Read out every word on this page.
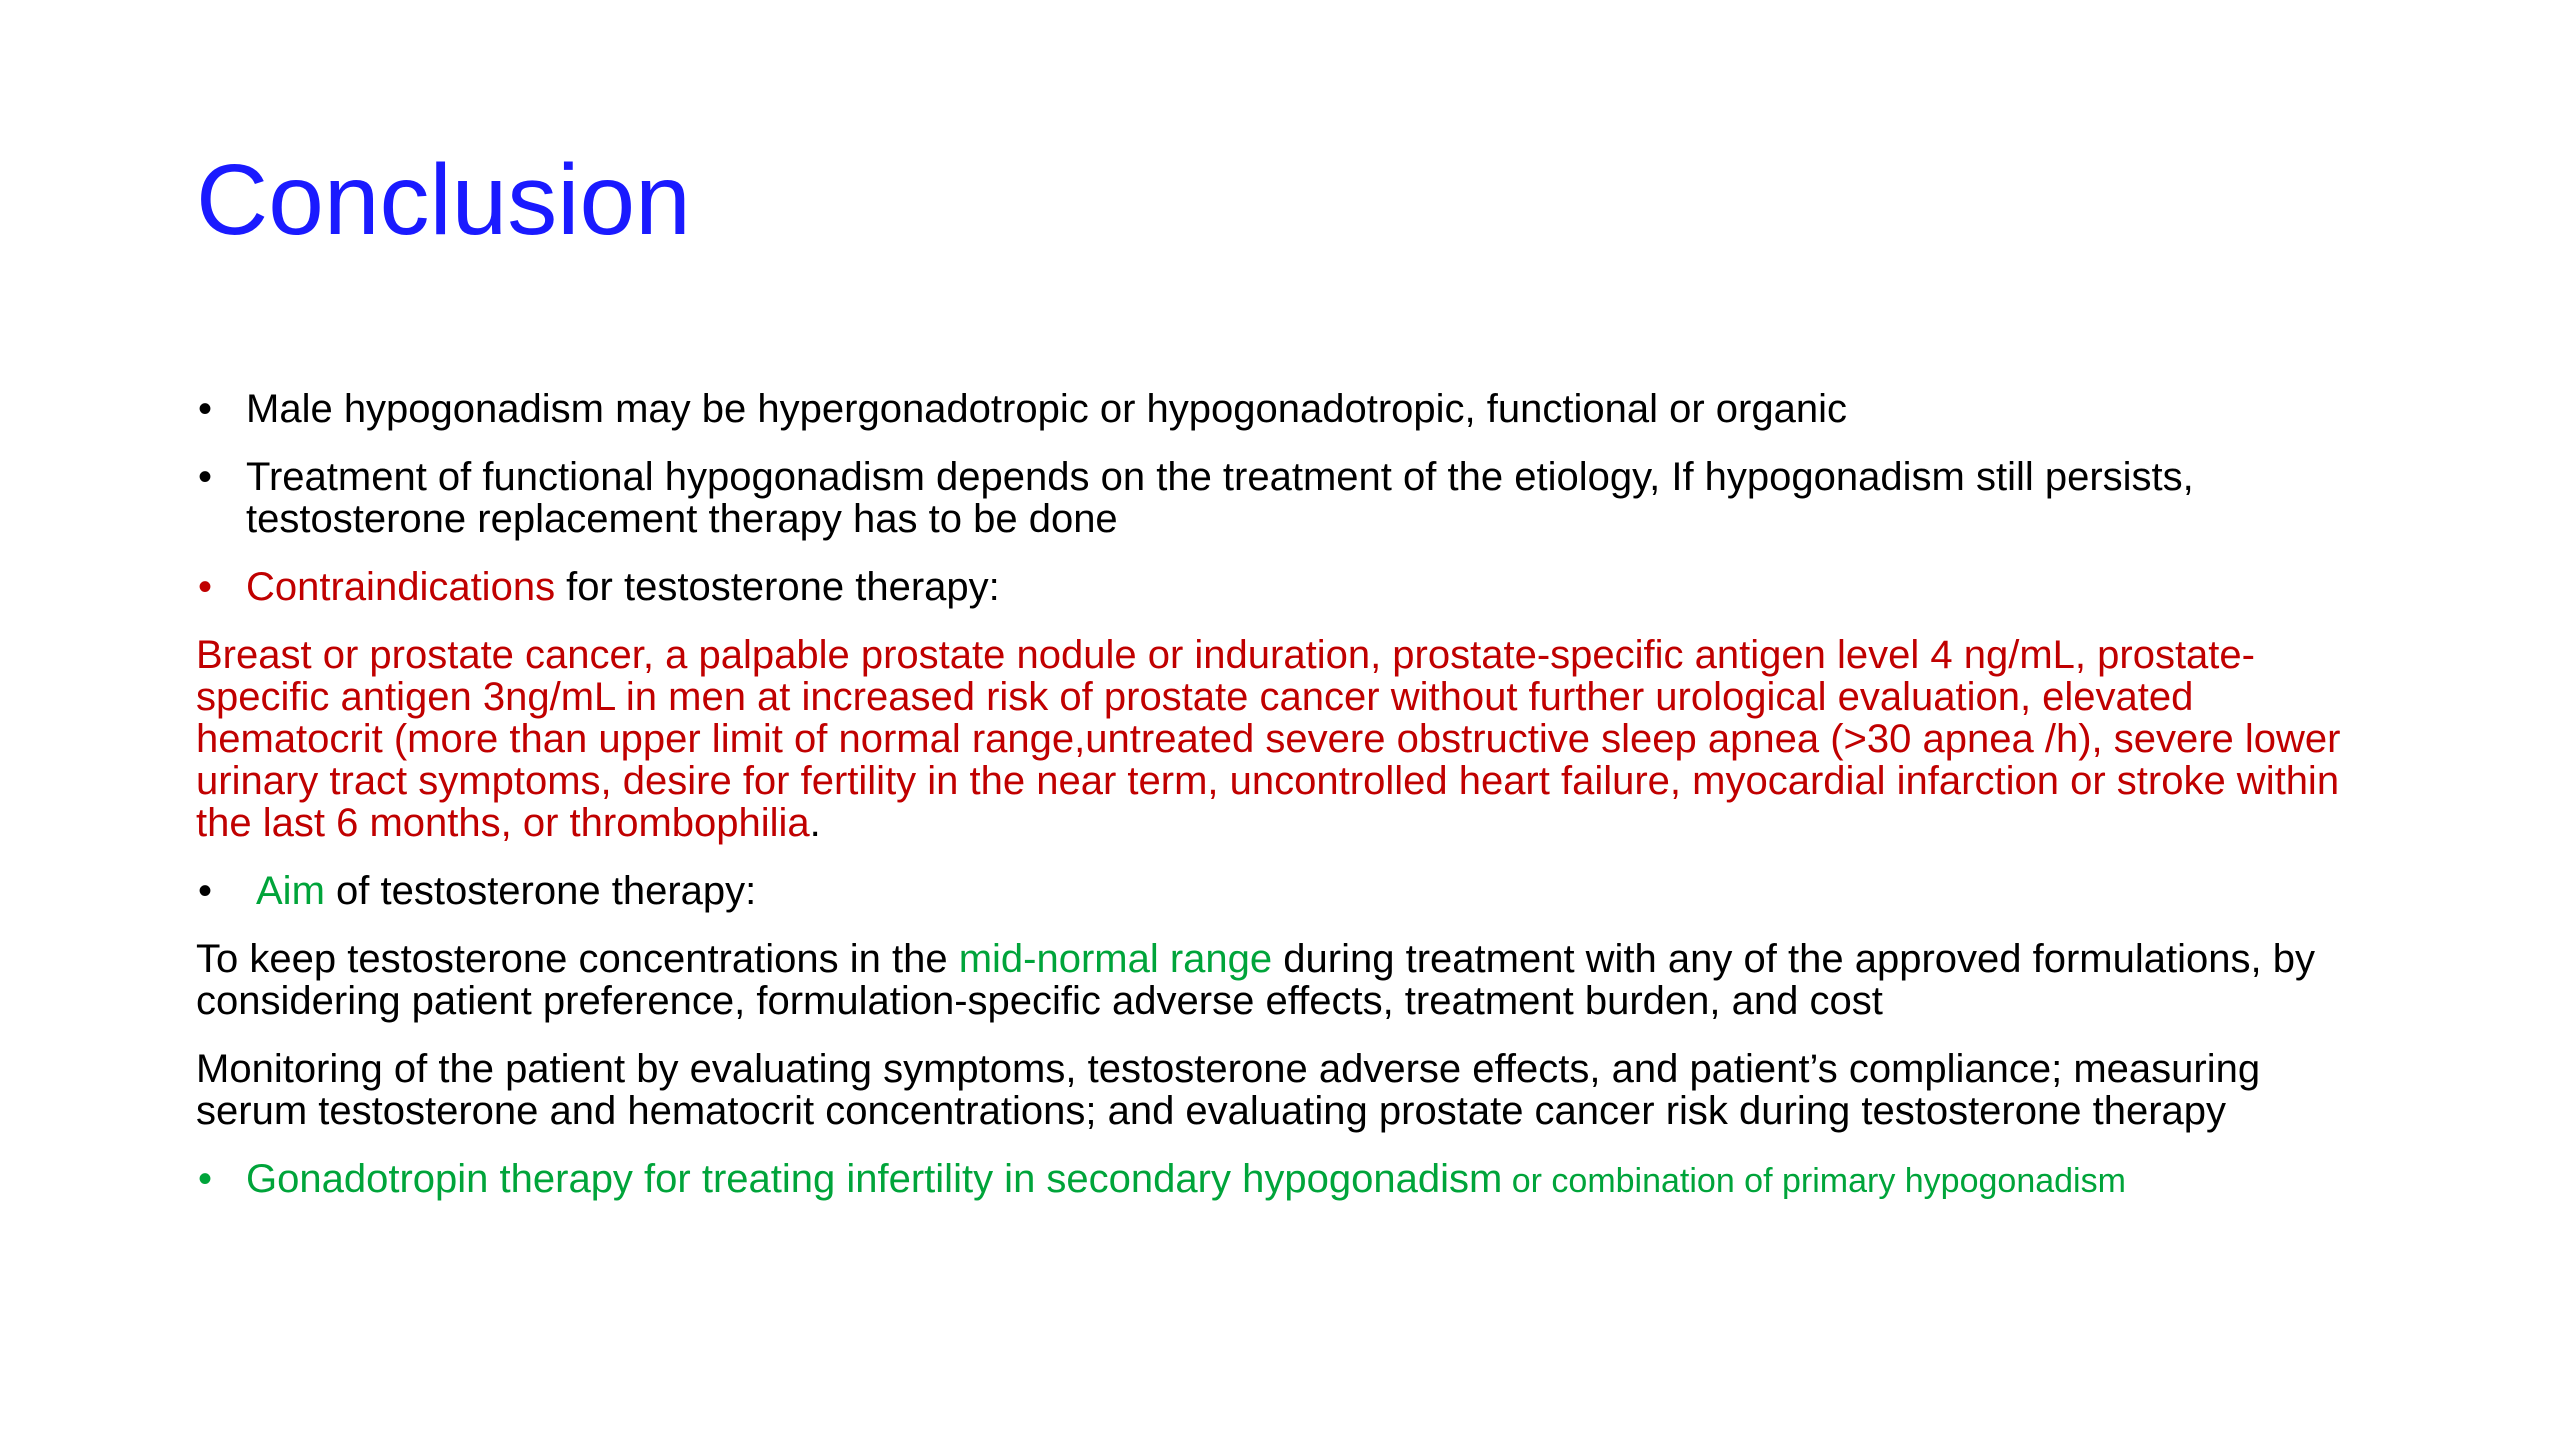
Conclusion
• Male hypogonadism may be hypergonadotropic or hypogonadotropic, functional or organic
• Treatment of functional hypogonadism depends on the treatment of the etiology, If hypogonadism still persists, testosterone replacement therapy has to be done
• Contraindications for testosterone therapy:

Breast or prostate cancer, a palpable prostate nodule or induration, prostate-specific antigen level 4 ng/mL, prostate-specific antigen 3ng/mL in men at increased risk of prostate cancer without further urological evaluation, elevated hematocrit (more than upper limit of normal range,untreated severe obstructive sleep apnea (>30 apnea /h), severe lower urinary tract symptoms, desire for fertility in the near term, uncontrolled heart failure, myocardial infarction or stroke within the last 6 months, or thrombophilia.

•	Aim of testosterone therapy:

To keep testosterone concentrations in the mid-normal range during treatment with any of the approved formulations, by considering patient preference, formulation-specific adverse effects, treatment burden, and cost

Monitoring of the patient by evaluating symptoms, testosterone adverse effects, and patient’s compliance; measuring serum testosterone and hematocrit concentrations; and evaluating prostate cancer risk during testosterone therapy

• Gonadotropin therapy for treating infertility in secondary hypogonadism or combination of primary hypogonadism
